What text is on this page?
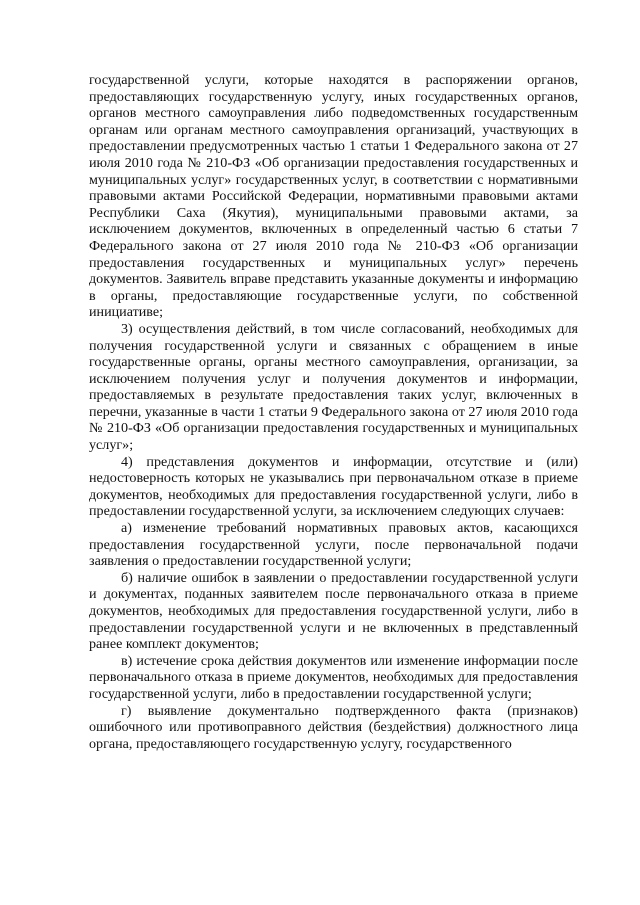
государственной услуги, которые находятся в распоряжении органов, предоставляющих государственную услугу, иных государственных органов, органов местного самоуправления либо подведомственных государственным органам или органам местного самоуправления организаций, участвующих в предоставлении предусмотренных частью 1 статьи 1 Федерального закона от 27 июля 2010 года № 210-ФЗ «Об организации предоставления государственных и муниципальных услуг» государственных услуг, в соответствии с нормативными правовыми актами Российской Федерации, нормативными правовыми актами Республики Саха (Якутия), муниципальными правовыми актами, за исключением документов, включенных в определенный частью 6 статьи 7 Федерального закона от 27 июля 2010 года № 210-ФЗ «Об организации предоставления государственных и муниципальных услуг» перечень документов. Заявитель вправе представить указанные документы и информацию в органы, предоставляющие государственные услуги, по собственной инициативе;

3) осуществления действий, в том числе согласований, необходимых для получения государственной услуги и связанных с обращением в иные государственные органы, органы местного самоуправления, организации, за исключением получения услуг и получения документов и информации, предоставляемых в результате предоставления таких услуг, включенных в перечни, указанные в части 1 статьи 9 Федерального закона от 27 июля 2010 года № 210-ФЗ «Об организации предоставления государственных и муниципальных услуг»;

4) представления документов и информации, отсутствие и (или) недостоверность которых не указывались при первоначальном отказе в приеме документов, необходимых для предоставления государственной услуги, либо в предоставлении государственной услуги, за исключением следующих случаев:

а) изменение требований нормативных правовых актов, касающихся предоставления государственной услуги, после первоначальной подачи заявления о предоставлении государственной услуги;

б) наличие ошибок в заявлении о предоставлении государственной услуги и документах, поданных заявителем после первоначального отказа в приеме документов, необходимых для предоставления государственной услуги, либо в предоставлении государственной услуги и не включенных в представленный ранее комплект документов;

в) истечение срока действия документов или изменение информации после первоначального отказа в приеме документов, необходимых для предоставления государственной услуги, либо в предоставлении государственной услуги;

г) выявление документально подтвержденного факта (признаков) ошибочного или противоправного действия (бездействия) должностного лица органа, предоставляющего государственную услугу, государственного
